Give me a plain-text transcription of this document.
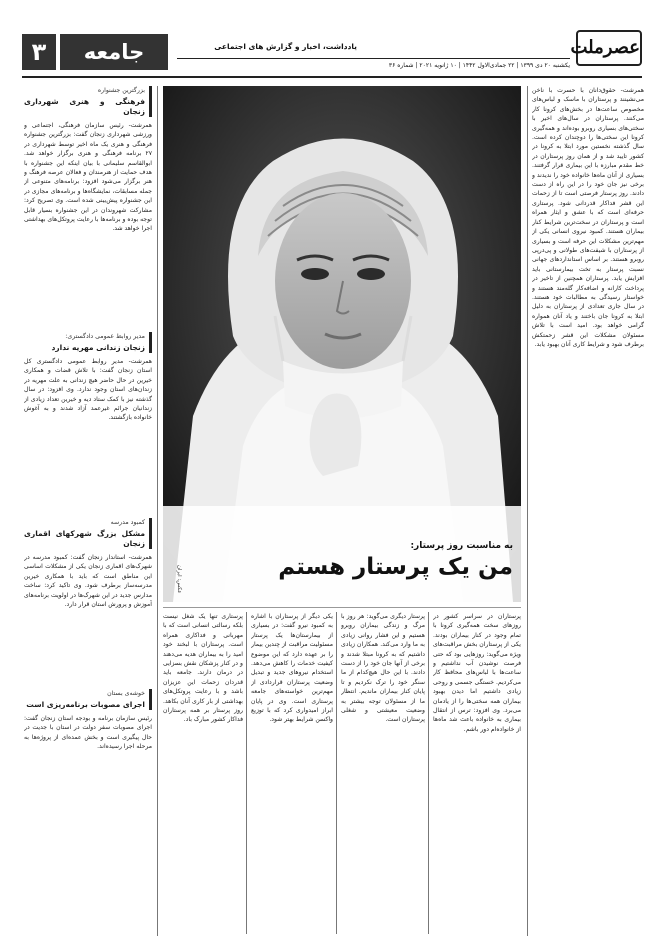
۳	جامعه	یادداشت، اخبار و گزارش های اجتماعی	عصرملت
یکشنبه ۲۰ دی ۱۳۹۹ | ۲۲ جمادی‌الاول ۱۴۴۲ | ۱۰ ژانویه ۲۰۲۱ | شماره ۳۶
بزرگترین جشنواره
فرهنگی و هنری شهرداری زنجان

همرشت- رئیس سازمان فرهنگی، اجتماعی و ورزشی شهرداری زنجان گفت: بزرگترین جشنواره فرهنگی و هنری یک ماه اخیر توسط شهرداری در ۲۷ برنامه فرهنگی و هنری برگزار خواهد شد. ابوالقاسم سلیمانی با بیان اینکه این جشنواره با هدف حمایت از هنرمندان و فعالان عرصه فرهنگ و هنر برگزار می‌شود افزود: برنامه‌های متنوعی از جمله مسابقات، نمایشگاه‌ها و برنامه‌های مجازی در این جشنواره پیش‌بینی شده است. وی تصریح کرد: مشارکت شهروندان در این جشنواره بسیار قابل توجه بوده و برنامه‌ها با رعایت پروتکل‌های بهداشتی اجرا خواهد شد.

مدیر روابط عمومی دادگستری:
زنجان زندانی مهریه ندارد

همرشت- مدیر روابط عمومی دادگستری کل استان زنجان گفت: با تلاش قضات و همکاری خیرین در حال حاضر هیچ زندانی به علت مهریه در زندان‌های استان وجود ندارد. وی افزود: در سال گذشته نیز با کمک ستاد دیه و خیرین تعداد زیادی از زندانیان جرائم غیرعمد آزاد شدند و به آغوش خانواده بازگشتند.

کمبود مدرسه
مشکل بزرگ شهرکهای اقماری زنجان

همرشت- استاندار زنجان گفت: کمبود مدرسه در شهرک‌های اقماری زنجان یکی از مشکلات اساسی این مناطق است که باید با همکاری خیرین مدرسه‌ساز برطرف شود. وی تاکید کرد: ساخت مدارس جدید در این شهرک‌ها در اولویت برنامه‌های آموزش و پرورش استان قرار دارد.

خوشه‌ی بستان
اجرای مصوبات برنامه‌ریزی است

رئیس سازمان برنامه و بودجه استان زنجان گفت: اجرای مصوبات سفر دولت در استان با جدیت در حال پیگیری است و بخش عمده‌ای از پروژه‌ها به مرحله اجرا رسیده‌اند.

به مناسبت روز پرستار:
من یک پرستار هستم
عکس: ایران

همرشت- حقوق‌دانان با حسرت با ناخن می‌نشینند و پرستاران با ماسک و لباس‌های مخصوص ساعت‌ها در بخش‌های کرونا کار می‌کنند. پرستاران در سال‌های اخیر با سختی‌های بسیاری روبرو بوده‌اند و همه‌گیری کرونا این سختی‌ها را دوچندان کرده است. سال گذشته نخستین مورد ابتلا به کرونا در کشور تایید شد و از همان روز پرستاران در خط مقدم مبارزه با این بیماری قرار گرفتند. بسیاری از آنان ماه‌ها خانواده خود را ندیدند و برخی نیز جان خود را در این راه از دست دادند. روز پرستار فرصتی است تا از زحمات این قشر فداکار قدردانی شود. پرستاری حرفه‌ای است که با عشق و ایثار همراه است و پرستاران در سخت‌ترین شرایط کنار بیماران هستند. کمبود نیروی انسانی یکی از مهم‌ترین مشکلات این حرفه است و بسیاری از پرستاران با شیفت‌های طولانی و پی‌درپی روبرو هستند. بر اساس استانداردهای جهانی نسبت پرستار به تخت بیمارستانی باید افزایش یابد. پرستاران همچنین از تاخیر در پرداخت کارانه و اضافه‌کار گله‌مند هستند و خواستار رسیدگی به مطالبات خود هستند. در سال جاری تعدادی از پرستاران به دلیل ابتلا به کرونا جان باختند و یاد آنان همواره گرامی خواهد بود. امید است با تلاش مسئولان مشکلات این قشر زحمتکش برطرف شود و شرایط کاری آنان بهبود یابد.

پرستاران در سراسر کشور در روزهای سخت همه‌گیری کرونا با تمام وجود در کنار بیماران بودند. یکی از پرستاران بخش مراقبت‌های ویژه می‌گوید: روزهایی بود که حتی فرصت نوشیدن آب نداشتیم و ساعت‌ها با لباس‌های محافظ کار می‌کردیم. خستگی جسمی و روحی زیادی داشتیم اما دیدن بهبود بیماران همه سختی‌ها را از یادمان می‌برد. وی افزود: ترس از انتقال بیماری به خانواده باعث شد ماه‌ها از خانواده‌ام دور باشم.

پرستار دیگری می‌گوید: هر روز با مرگ و زندگی بیماران روبرو هستیم و این فشار روانی زیادی به ما وارد می‌کند. همکاران زیادی داشتیم که به کرونا مبتلا شدند و برخی از آنها جان خود را از دست دادند. با این حال هیچ‌کدام از ما سنگر خود را ترک نکردیم و تا پایان کنار بیماران ماندیم. انتظار ما از مسئولان توجه بیشتر به وضعیت معیشتی و شغلی پرستاران است.

یکی دیگر از پرستاران با اشاره به کمبود نیرو گفت: در بسیاری از بیمارستان‌ها یک پرستار مسئولیت مراقبت از چندین بیمار را بر عهده دارد که این موضوع کیفیت خدمات را کاهش می‌دهد. استخدام نیروهای جدید و تبدیل وضعیت پرستاران قراردادی از مهم‌ترین خواسته‌های جامعه پرستاری است. وی در پایان ابراز امیدواری کرد که با توزیع واکسن شرایط بهتر شود.

پرستاری تنها یک شغل نیست بلکه رسالتی انسانی است که با مهربانی و فداکاری همراه است. پرستاران با لبخند خود امید را به بیماران هدیه می‌دهند و در کنار پزشکان نقش بسزایی در درمان دارند. جامعه باید قدردان زحمات این عزیزان باشد و با رعایت پروتکل‌های بهداشتی از بار کاری آنان بکاهد. روز پرستار بر همه پرستاران فداکار کشور مبارک باد.
